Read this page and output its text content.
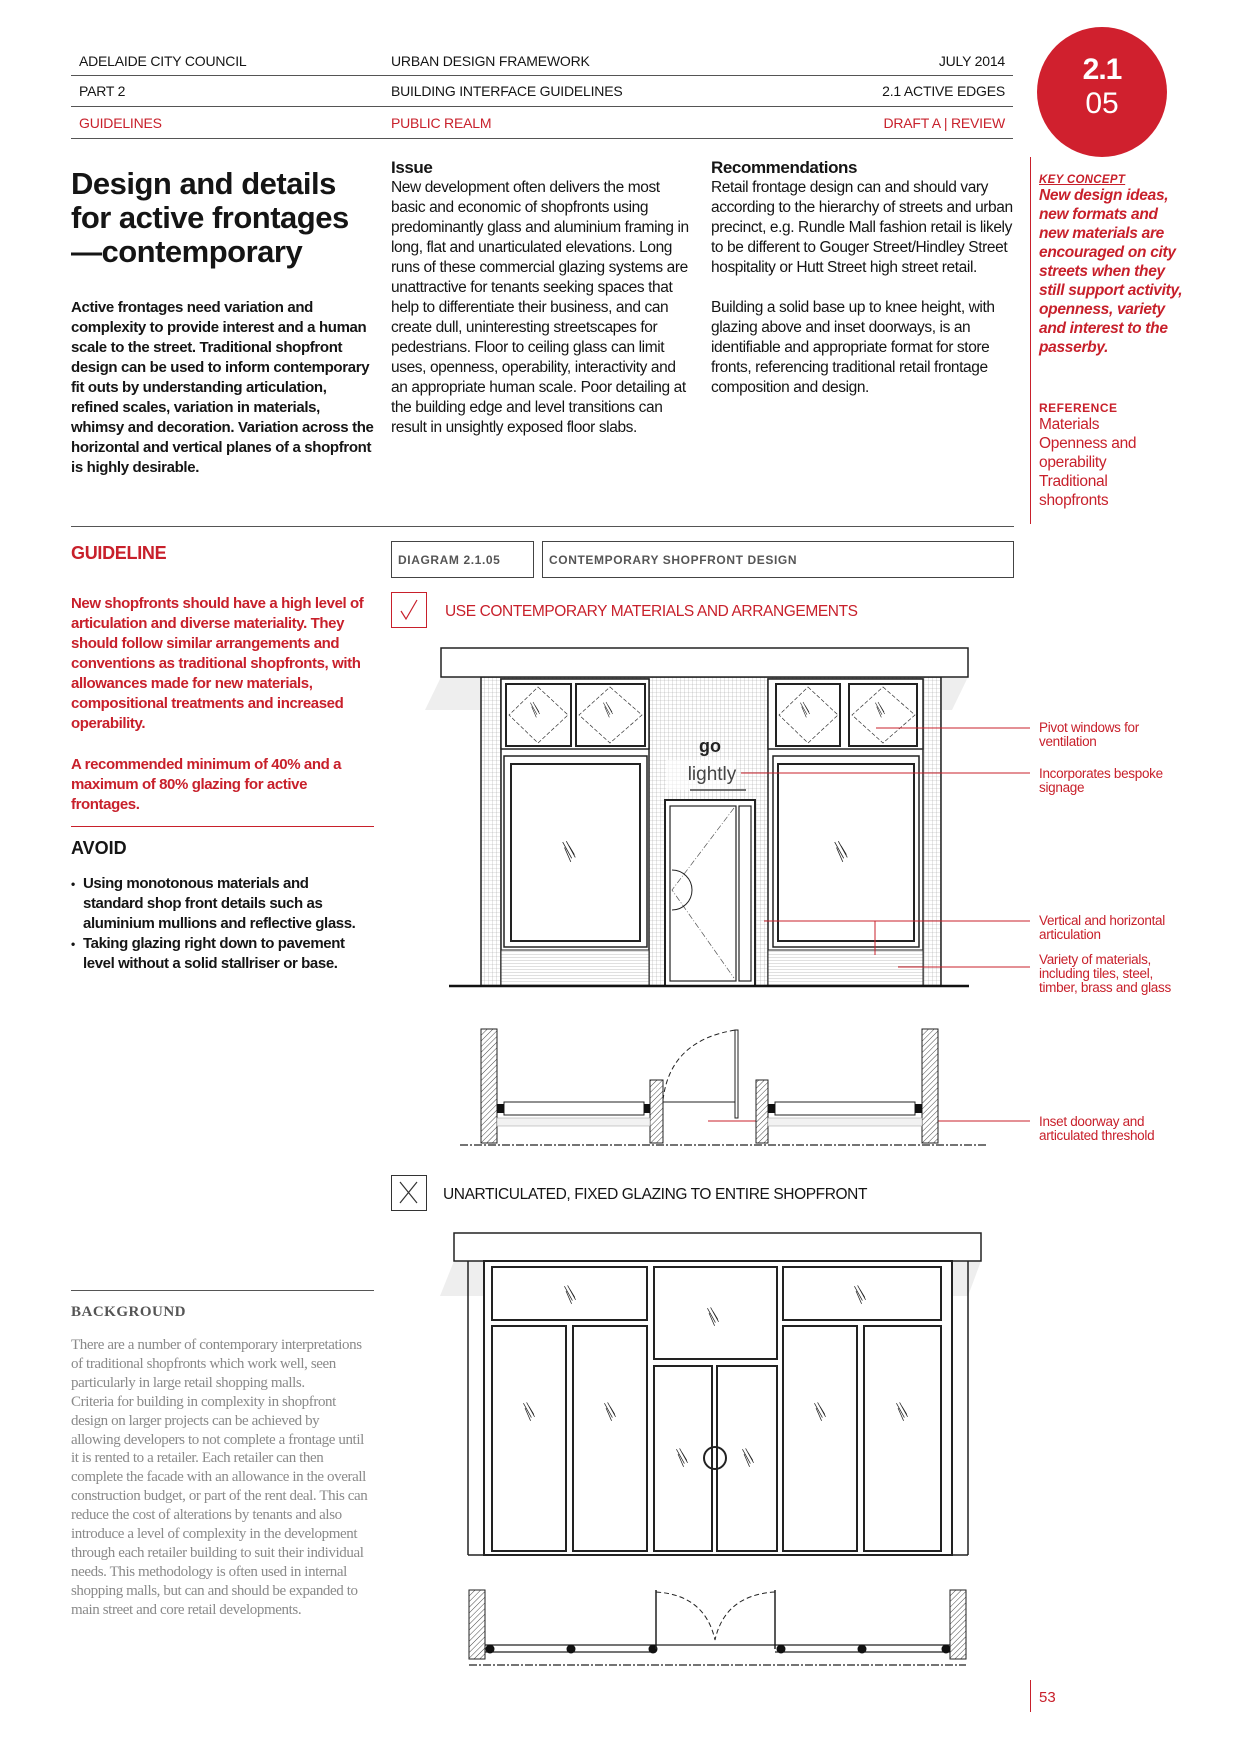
ADELAIDE CITY COUNCIL	URBAN DESIGN FRAMEWORK	JULY 2014
PART 2	BUILDING INTERFACE GUIDELINES	2.1 ACTIVE EDGES
GUIDELINES	PUBLIC REALM	DRAFT A | REVIEW
2.1
05
Design and details for active frontages —contemporary
Active frontages need variation and complexity to provide interest and a human scale to the street. Traditional shopfront design can be used to inform contemporary fit outs by understanding articulation, refined scales, variation in materials, whimsy and decoration. Variation across the horizontal and vertical planes of a shopfront is highly desirable.
Issue

New development often delivers the most basic and economic of shopfronts using predominantly glass and aluminium framing in long, flat and unarticulated elevations. Long runs of these commercial glazing systems are unattractive for tenants seeking spaces that help to differentiate their business, and can create dull, uninteresting streetscapes for pedestrians. Floor to ceiling glass can limit uses, openness, operability, interactivity and an appropriate human scale. Poor detailing at the building edge and level transitions can result in unsightly exposed floor slabs.

Recommendations

Retail frontage design can and should vary according to the hierarchy of streets and urban precinct, e.g. Rundle Mall fashion retail is likely to be different to Gouger Street/Hindley Street hospitality or Hutt Street high street retail.

Building a solid base up to knee height, with glazing above and inset doorways, is an identifiable and appropriate format for store fronts, referencing traditional retail frontage composition and design.

KEY CONCEPT
New design ideas, new formats and new materials are encouraged on city streets when they still support activity, openness, variety and interest to the passerby.
REFERENCE
Materials
Openness and operability
Traditional shopfronts
GUIDELINE
New shopfronts should have a high level of articulation and diverse materiality. They should follow similar arrangements and conventions as traditional shopfronts, with allowances made for new materials, compositional treatments and increased operability.
A recommended minimum of 40% and a maximum of 80% glazing for active frontages.
AVOID
• Using monotonous materials and standard shop front details such as aluminium mullions and reflective glass.
• Taking glazing right down to pavement level without a solid stallriser or base.
BACKGROUND
There are a number of contemporary interpretations of traditional shopfronts which work well, seen particularly in large retail shopping malls.
Criteria for building in complexity in shopfront design on larger projects can be achieved by allowing developers to not complete a frontage until it is rented to a retailer. Each retailer can then complete the facade with an allowance in the overall construction budget, or part of the rent deal. This can reduce the cost of alterations by tenants and also introduce a level of complexity in the development through each retailer building to suit their individual needs. This methodology is often used in internal shopping malls, but can and should be expanded to main street and core retail developments.
DIAGRAM 2.1.05	CONTEMPORARY SHOPFRONT DESIGN
USE CONTEMPORARY MATERIALS AND ARRANGEMENTS
UNARTICULATED, FIXED GLAZING TO ENTIRE SHOPFRONT
Pivot windows for ventilation
Incorporates bespoke signage
Vertical and horizontal articulation
Variety of materials, including tiles, steel, timber, brass and glass
Inset doorway and articulated threshold
go
lightly
53
